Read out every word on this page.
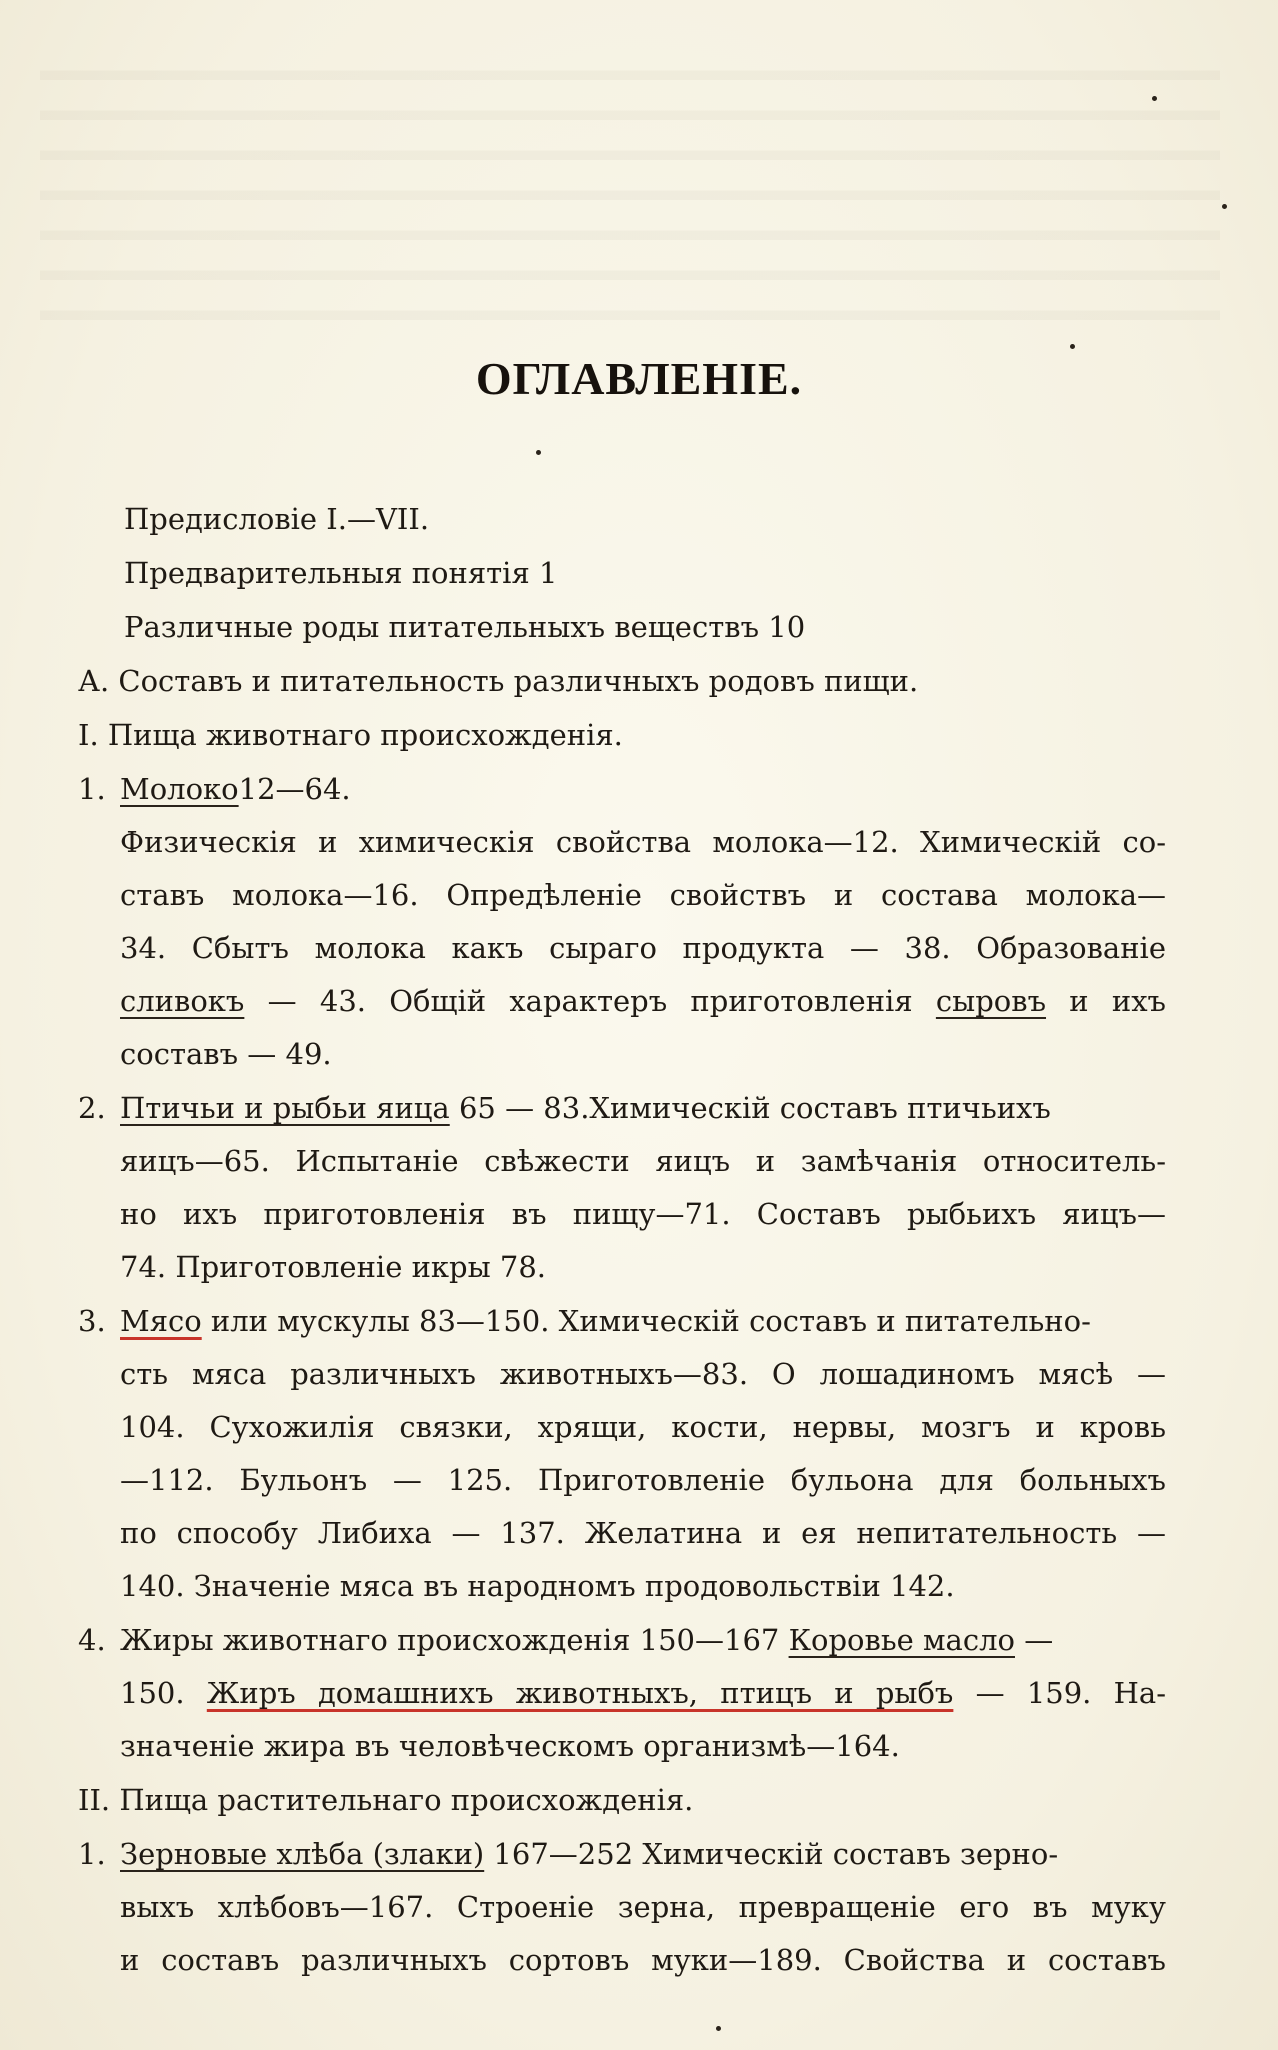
ОГЛАВЛЕНІЕ.
Предисловіе І.—VII.
Предварительныя понятія 1
Различные роды питательныхъ веществъ 10
А. Составъ и питательность различныхъ родовъ пищи.
І. Пища животнаго происхожденія.
1. Молоко12—64.
Физическія и химическія свойства молока—12. Химическій со-
ставъ молока—16. Опредѣленіе свойствъ и состава молока—
34. Сбытъ молока какъ сыраго продукта — 38. Образованіе
сливокъ — 43. Общій характеръ приготовленія сыровъ и ихъ
составъ — 49.
2. Птичьи и рыбьи яица 65 — 83.Химическій составъ птичьихъ
яицъ—65. Испытаніе свѣжести яицъ и замѣчанія относитель-
но ихъ приготовленія въ пищу—71. Составъ рыбьихъ яицъ—
74. Приготовленіе икры 78.
3. Мясо или мускулы 83—150. Химическій составъ и питательно-
сть мяса различныхъ животныхъ—83. О лошадиномъ мясѣ —
104. Сухожилія связки, хрящи, кости, нервы, мозгъ и кровь
—112. Бульонъ — 125. Приготовленіе бульона для больныхъ
по способу Либиха — 137. Желатина и ея непитательность —
140. Значеніе мяса въ народномъ продовольствіи 142.
4. Жиры животнаго происхожденія 150—167 Коровье масло —
150. Жиръ домашнихъ животныхъ, птицъ и рыбъ — 159. На-
значеніе жира въ человѣческомъ организмѣ—164.
ІІ. Пища растительнаго происхожденія.
1. Зерновые хлѣба (злаки) 167—252 Химическій составъ зерно-
выхъ хлѣбовъ—167. Строеніе зерна, превращеніе его въ муку
и составъ различныхъ сортовъ муки—189. Свойства и составъ
